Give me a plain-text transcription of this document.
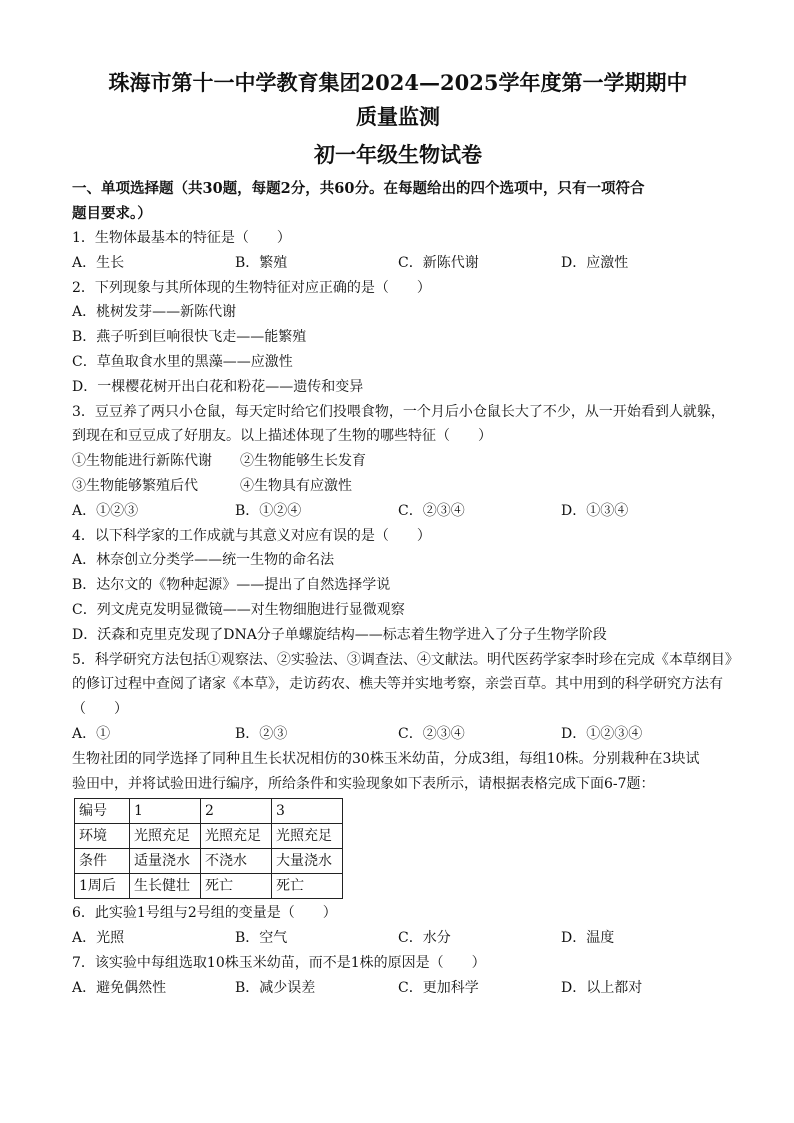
珠海市第十一中学教育集团2024—2025学年度第一学期期中

质量监测

初一年级生物试卷

一、单项选择题（共30题，每题2分，共60分。在每题给出的四个选项中，只有一项符合

题目要求。）

1．生物体最基本的特征是（　　）

A．生长	B．繁殖	C．新陈代谢	D．应激性

2．下列现象与其所体现的生物特征对应正确的是（　　）

A．桃树发芽——新陈代谢

B．燕子听到巨响很快飞走——能繁殖

C．草鱼取食水里的黑藻——应激性

D．一棵樱花树开出白花和粉花——遗传和变异

3．豆豆养了两只小仓鼠，每天定时给它们投喂食物，一个月后小仓鼠长大了不少，从一开始看到人就躲，

到现在和豆豆成了好朋友。以上描述体现了生物的哪些特征（　　）

①生物能进行新陈代谢	②生物能够生长发育
③生物能够繁殖后代	④生物具有应激性
A．①②③	B．①②④	C．②③④	D．①③④

4．以下科学家的工作成就与其意义对应有误的是（　　）

A．林奈创立分类学——统一生物的命名法

B．达尔文的《物种起源》——提出了自然选择学说

C．列文虎克发明显微镜——对生物细胞进行显微观察

D．沃森和克里克发现了DNA分子单螺旋结构——标志着生物学进入了分子生物学阶段

5．科学研究方法包括①观察法、②实验法、③调查法、④文献法。明代医药学家李时珍在完成《本草纲目》

的修订过程中查阅了诸家《本草》，走访药农、樵夫等并实地考察，亲尝百草。其中用到的科学研究方法有

（　　）

A．①	B．②③	C．②③④	D．①②③④

生物社团的同学选择了同种且生长状况相仿的30株玉米幼苗，分成3组，每组10株。分别栽种在3块试

验田中，并将试验田进行编序，所给条件和实验现象如下表所示，请根据表格完成下面6-7题：

编号	1	2	3
环境	光照充足	光照充足	光照充足
条件	适量浇水	不浇水	大量浇水
1周后	生长健壮	死亡	死亡

6．此实验1号组与2号组的变量是（　　）

A．光照	B．空气	C．水分	D．温度

7．该实验中每组选取10株玉米幼苗，而不是1株的原因是（　　）

A．避免偶然性	B．减少误差	C．更加科学	D．以上都对
